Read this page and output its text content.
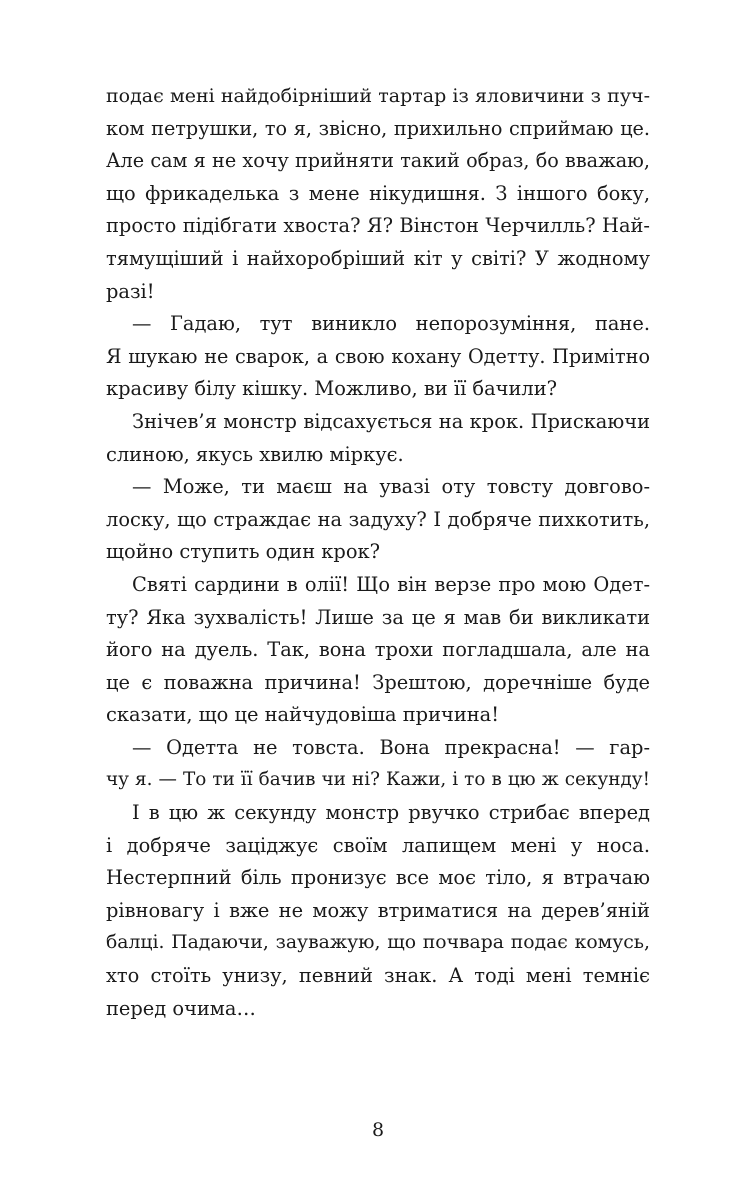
подає мені найдобірніший тартар із яловичини з пуч-
ком петрушки, то я, звісно, прихильно сприймаю це.
Але сам я не хочу прийняти такий образ, бо вважаю,
що фрикаделька з мене нікудишня. З іншого боку,
просто підібгати хвоста? Я? Вінстон Черчилль? Най-
тямущіший і найхоробріший кіт у світі? У жодному
разі!
— Гадаю, тут виникло непорозуміння, пане.
Я шукаю не сварок, а свою кохану Одетту. Примітно
красиву білу кішку. Можливо, ви її бачили?
Знічев’я монстр відсахується на крок. Прискаючи
слиною, якусь хвилю міркує.
— Може, ти маєш на увазі оту товсту довгово-
лоску, що страждає на задуху? І добряче пихкотить,
щойно ступить один крок?
Святі сардини в олії! Що він верзе про мою Одет-
ту? Яка зухвалість! Лише за це я мав би викликати
його на дуель. Так, вона трохи погладшала, але на
це є поважна причина! Зрештою, доречніше буде
сказати, що це найчудовіша причина!
— Одетта не товста. Вона прекрасна! — гар-
чу я. — То ти її бачив чи ні? Кажи, і то в цю ж секунду!
І в цю ж секунду монстр рвучко стрибає вперед
і добряче заціджує своїм лапищем мені у носа.
Нестерпний біль пронизує все моє тіло, я втрачаю
рівновагу і вже не можу втриматися на дерев’яній
балці. Падаючи, зауважую, що почвара подає комусь,
хто стоїть унизу, певний знак. А тоді мені темніє
перед очима…
8
